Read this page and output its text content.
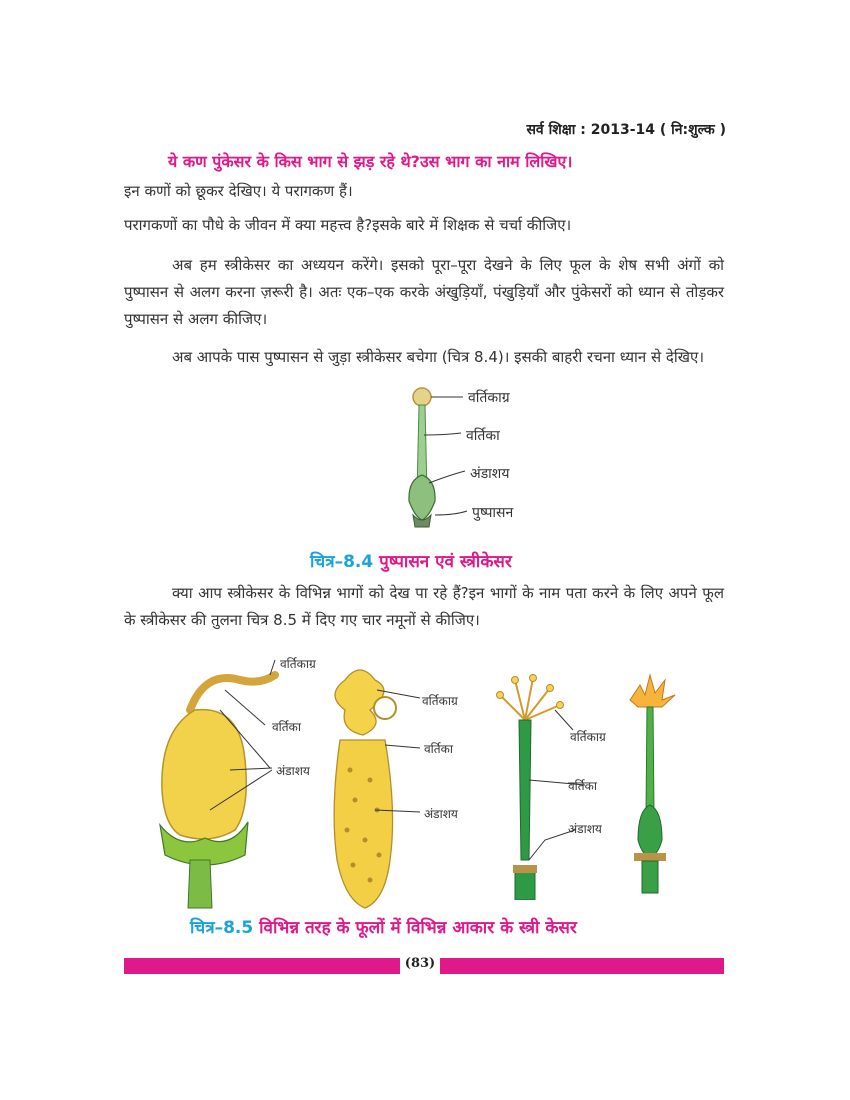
सर्व शिक्षा : 2013-14 ( नि:शुल्क )
ये कण पुंकेसर के किस भाग से झड़ रहे थे?उस भाग का नाम लिखिए।
इन कणों को छूकर देखिए। ये परागकण हैं।
परागकणों का पौधे के जीवन में क्या महत्त्व है?इसके बारे में शिक्षक से चर्चा कीजिए।
अब हम स्त्रीकेसर का अध्ययन करेंगे। इसको पूरा–पूरा देखने के लिए फूल के शेष सभी अंगों को पुष्पासन से अलग करना ज़रूरी है। अतः एक–एक करके अंखुड़ियाँ, पंखुड़ियाँ और पुंकेसरों को ध्यान से तोड़कर पुष्पासन से अलग कीजिए।
अब आपके पास पुष्पासन से जुड़ा स्त्रीकेसर बचेगा (चित्र 8.4)। इसकी बाहरी रचना ध्यान से देखिए।
वर्तिकाग्र
वर्तिका
अंडाशय
पुष्पासन
चित्र–8.4 पुष्पासन एवं स्त्रीकेसर
क्या आप स्त्रीकेसर के विभिन्न भागों को देख पा रहे हैं?इन भागों के नाम पता करने के लिए अपने फूल के स्त्रीकेसर की तुलना चित्र 8.5 में दिए गए चार नमूनों से कीजिए।
वर्तिकाग्र
वर्तिका
अंडाशय
वर्तिकाग्र
वर्तिका
अंडाशय
वर्तिकाग्र
वर्तिका
अंडाशय
चित्र–8.5 विभिन्न तरह के फूलों में विभिन्न आकार के स्त्री केसर
(83)
